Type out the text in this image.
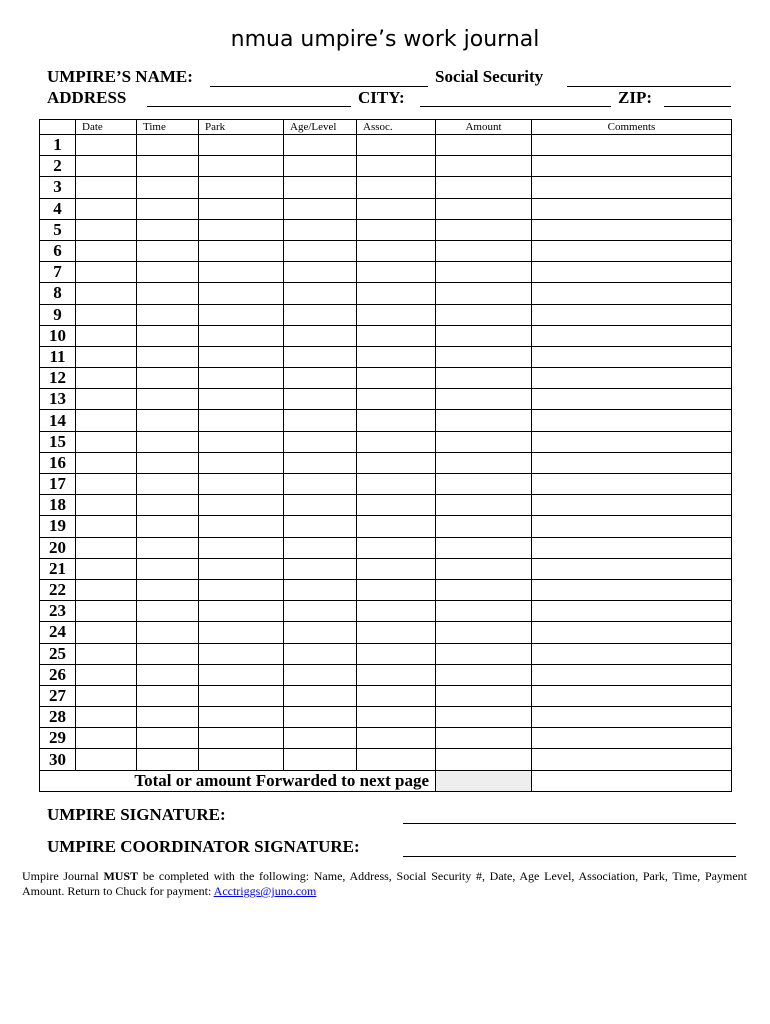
nmua umpire’s work journal
UMPIRE’S NAME:	Social Security
ADDRESS	CITY:	ZIP:
	Date	Time	Park	Age/Level	Assoc.	Amount	Comments
1							
2							
3							
4							
5							
6							
7							
8							
9							
10							
11							
12							
13							
14							
15							
16							
17							
18							
19							
20							
21							
22							
23							
24							
25							
26							
27							
28							
29							
30							
Total or amount Forwarded to next page							
UMPIRE SIGNATURE:
UMPIRE COORDINATOR SIGNATURE:
Umpire Journal MUST be completed with the following: Name, Address, Social Security #, Date, Age Level, Association, Park, Time, Payment Amount. Return to Chuck for payment: Acctriggs@juno.com
